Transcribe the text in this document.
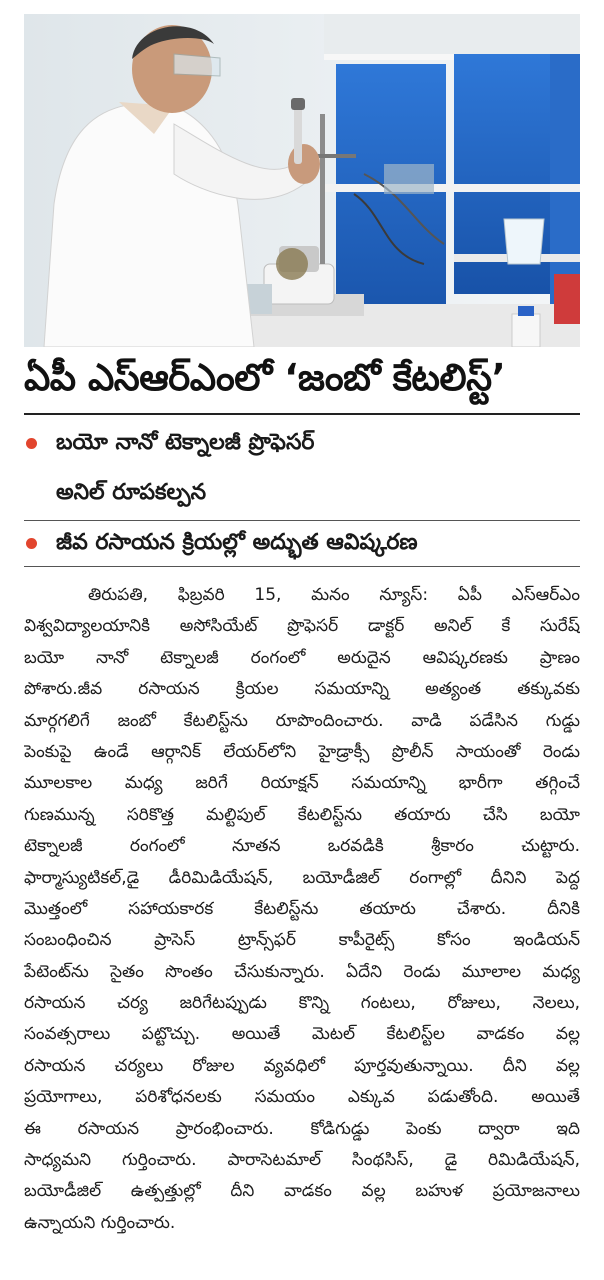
ఏపీ ఎస్ఆర్ఎంలో ‘జంబో కేటలిస్ట్’
బయో నానో టెక్నాలజీ ప్రొఫెసర్
అనిల్ రూపకల్పన
జీవ రసాయన క్రియల్లో అద్భుత ఆవిష్కరణ
తిరుపతి, ఫిబ్రవరి 15, మనం న్యూస్: ఏపీ ఎస్ఆర్ఎం
విశ్వవిద్యాలయానికి అసోసియేట్ ప్రొఫెసర్ డాక్టర్ అనిల్ కే సురేష్
బయో నానో టెక్నాలజీ రంగంలో అరుదైన ఆవిష్కరణకు ప్రాణం
పోశారు.జీవ రసాయన క్రియల సమయాన్ని అత్యంత తక్కువకు
మార్గగలిగే జంబో కేటలిస్ట్‌ను రూపొందించారు. వాడి పడేసిన గుడ్డు
పెంకుపై ఉండే ఆర్గానిక్ లేయర్‌లోని హైడ్రాక్సీ ప్రొలీన్ సాయంతో రెండు
మూలకాల మధ్య జరిగే రియాక్షన్ సమయాన్ని భారీగా తగ్గించే
గుణమున్న సరికొత్త మల్టిపుల్ కేటలిస్ట్‌ను తయారు చేసి బయో
టెక్నాలజీ రంగంలో నూతన ఒరవడికి శ్రీకారం చుట్టారు.
ఫార్మాస్యుటికల్,డై డీరిమిడియేషన్, బయోడీజిల్ రంగాల్లో దీనిని పెద్ద
మొత్తంలో సహాయకారక కేటలిస్ట్‌ను తయారు చేశారు. దీనికి
సంబంధించిన ప్రాసెస్ ట్రాన్స్‌ఫర్ కాపీరైట్స్ కోసం ఇండియన్
పేటెంట్‌ను సైతం సొంతం చేసుకున్నారు. ఏదేని రెండు మూలాల మధ్య
రసాయన చర్య జరిగేటప్పుడు కొన్ని గంటలు, రోజులు, నెలలు,
సంవత్సరాలు పట్టొచ్చు. అయితే మెటల్ కేటలిస్ట్‌ల వాడకం వల్ల
రసాయన చర్యలు రోజుల వ్యవధిలో పూర్తవుతున్నాయి. దీని వల్ల
ప్రయోగాలు, పరిశోధనలకు సమయం ఎక్కువ పడుతోంది. అయితే
ఈ రసాయన ప్రారంభించారు. కోడిగుడ్డు పెంకు ద్వారా ఇది
సాధ్యమని గుర్తించారు. పారాసెటమాల్ సింథసిస్, డై రిమిడియేషన్,
బయోడీజిల్ ఉత్పత్తుల్లో దీని వాడకం వల్ల బహుళ ప్రయోజనాలు
ఉన్నాయని గుర్తించారు.
